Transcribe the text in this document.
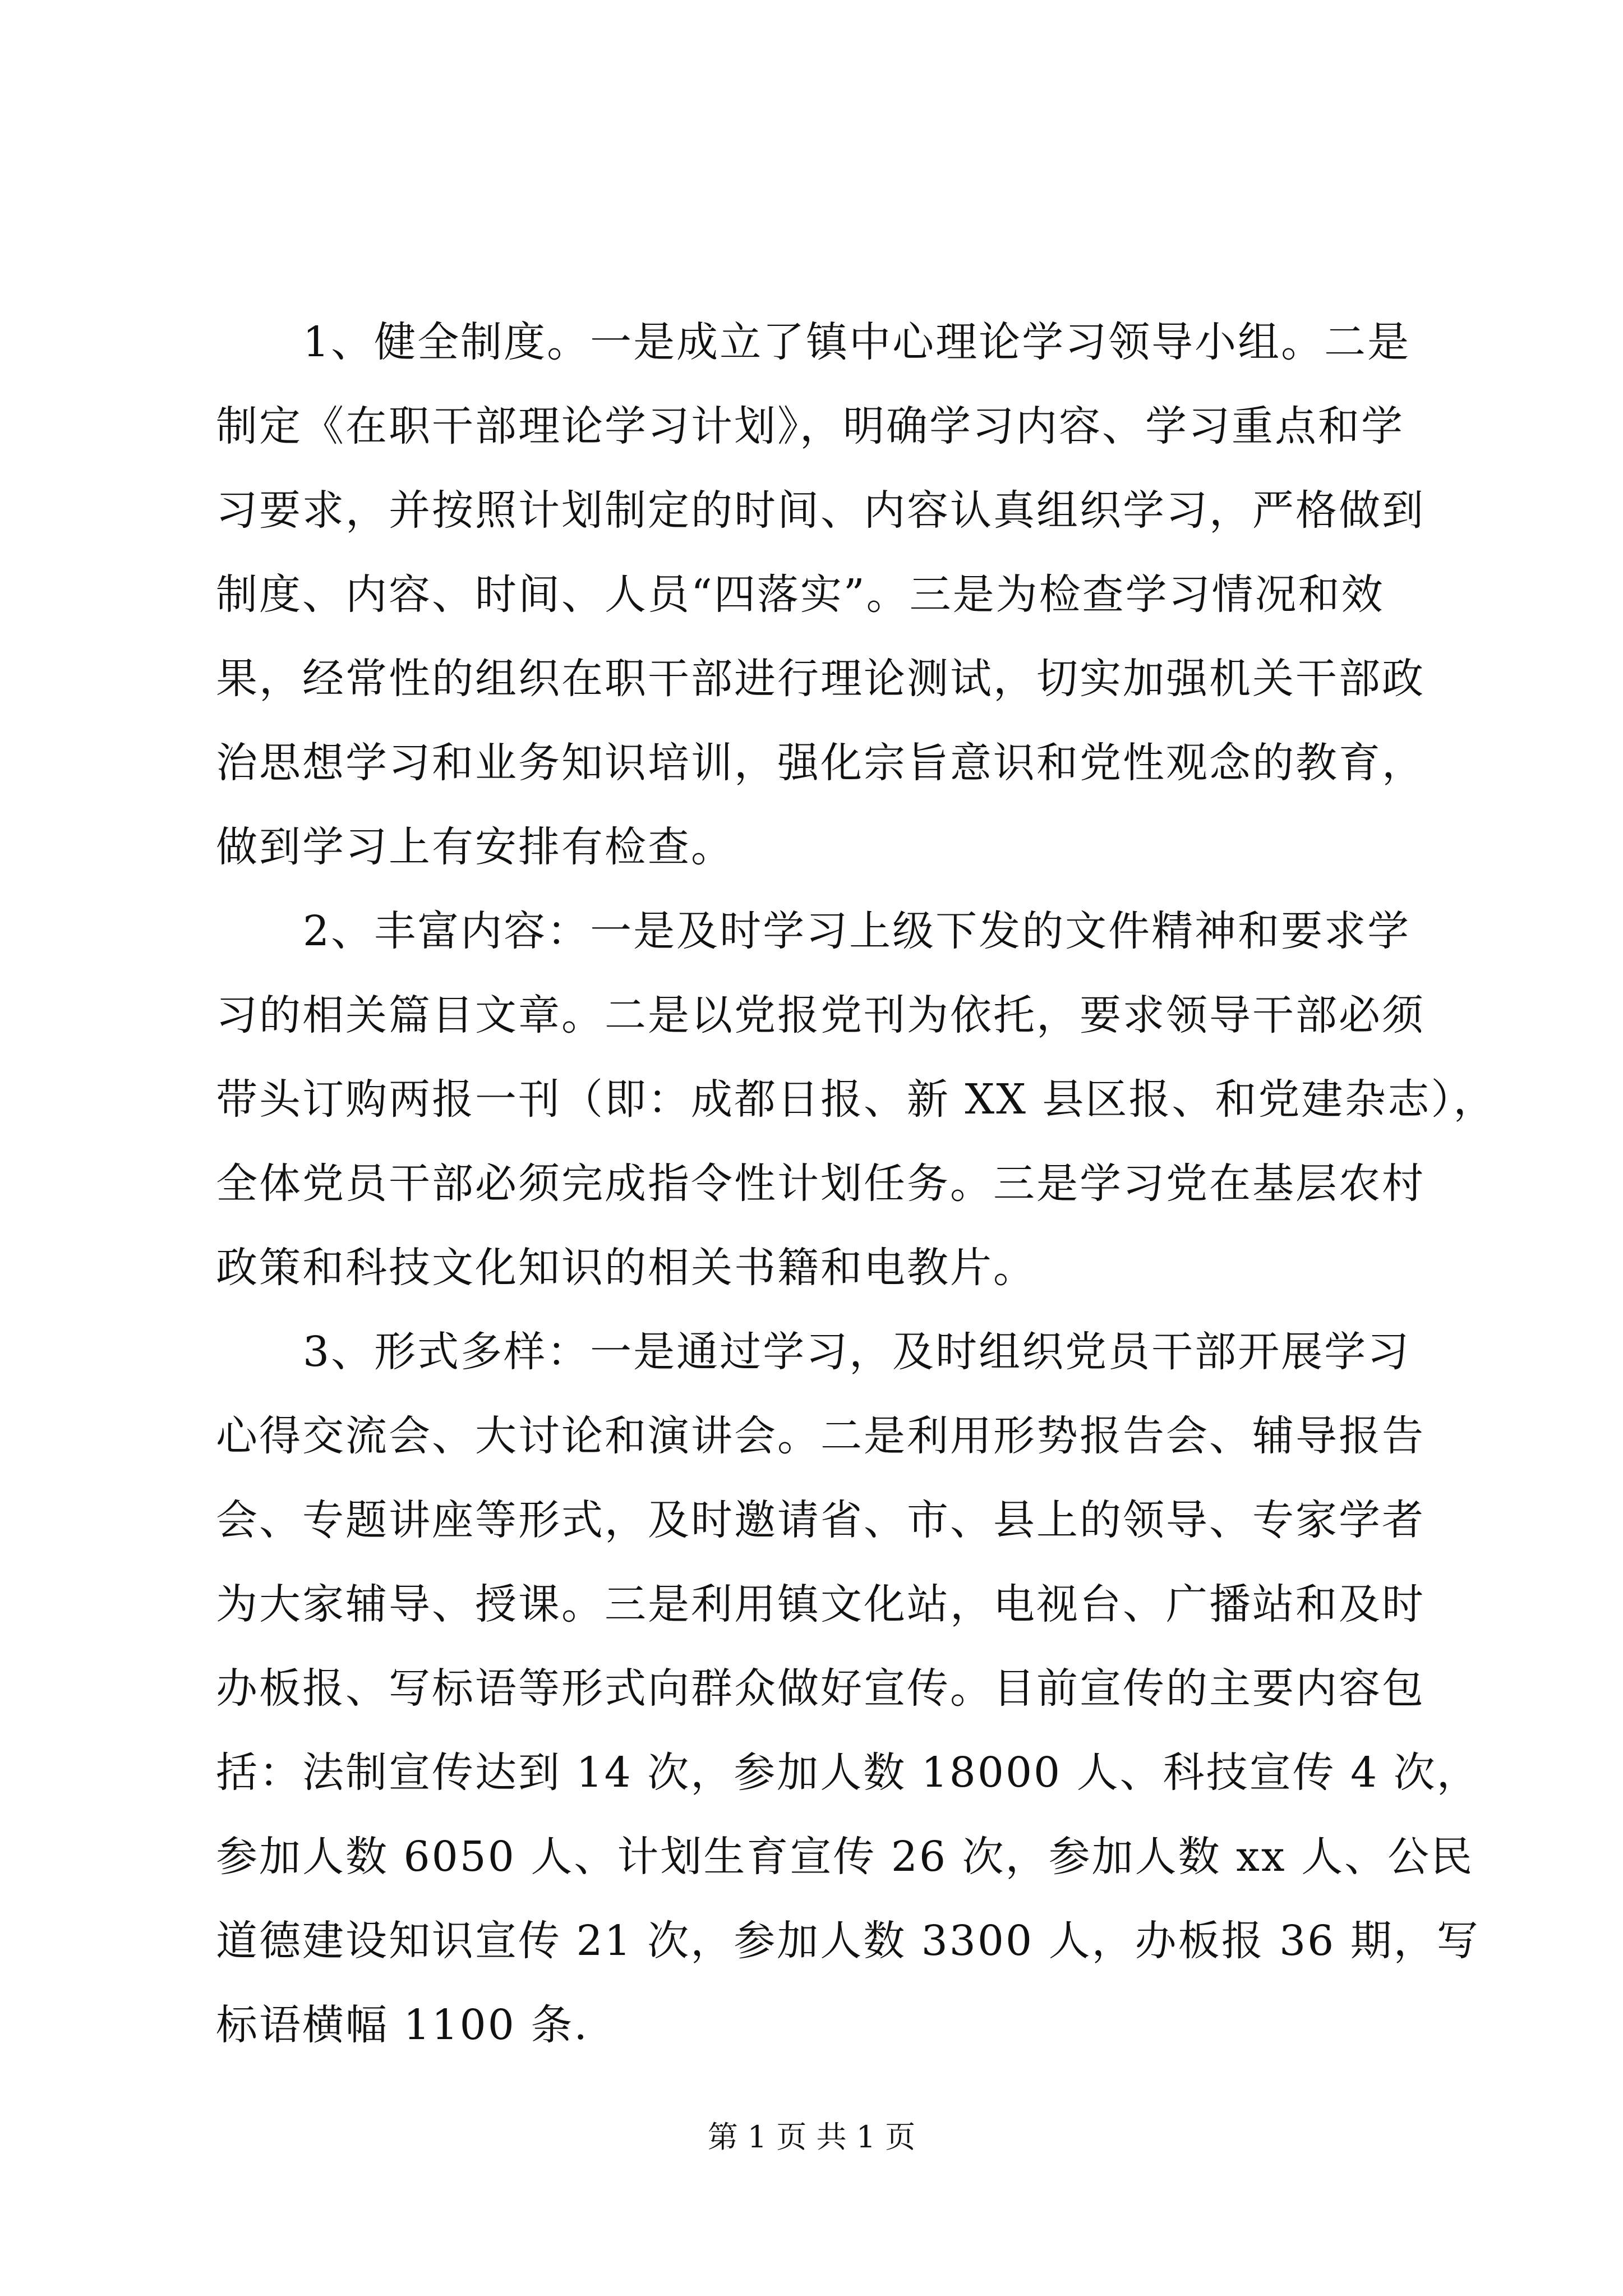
1、健全制度。一是成立了镇中心理论学习领导小组。二是
制定《在职干部理论学习计划》，明确学习内容、学习重点和学
习要求，并按照计划制定的时间、内容认真组织学习，严格做到
制度、内容、时间、人员“四落实”。三是为检查学习情况和效
果，经常性的组织在职干部进行理论测试，切实加强机关干部政
治思想学习和业务知识培训，强化宗旨意识和党性观念的教育，
做到学习上有安排有检查。
2、丰富内容：一是及时学习上级下发的文件精神和要求学
习的相关篇目文章。二是以党报党刊为依托，要求领导干部必须
带头订购两报一刊（即：成都日报、新 XX 县区报、和党建杂志），
全体党员干部必须完成指令性计划任务。三是学习党在基层农村
政策和科技文化知识的相关书籍和电教片。
3、形式多样：一是通过学习，及时组织党员干部开展学习
心得交流会、大讨论和演讲会。二是利用形势报告会、辅导报告
会、专题讲座等形式，及时邀请省、市、县上的领导、专家学者
为大家辅导、授课。三是利用镇文化站，电视台、广播站和及时
办板报、写标语等形式向群众做好宣传。目前宣传的主要内容包
括：法制宣传达到 14 次，参加人数 18000 人、科技宣传 4 次，
参加人数 6050 人、计划生育宣传 26 次，参加人数 xx 人、公民
道德建设知识宣传 21 次，参加人数 3300 人，办板报 36 期，写
标语横幅 1100 条.
第 1 页 共 1 页
